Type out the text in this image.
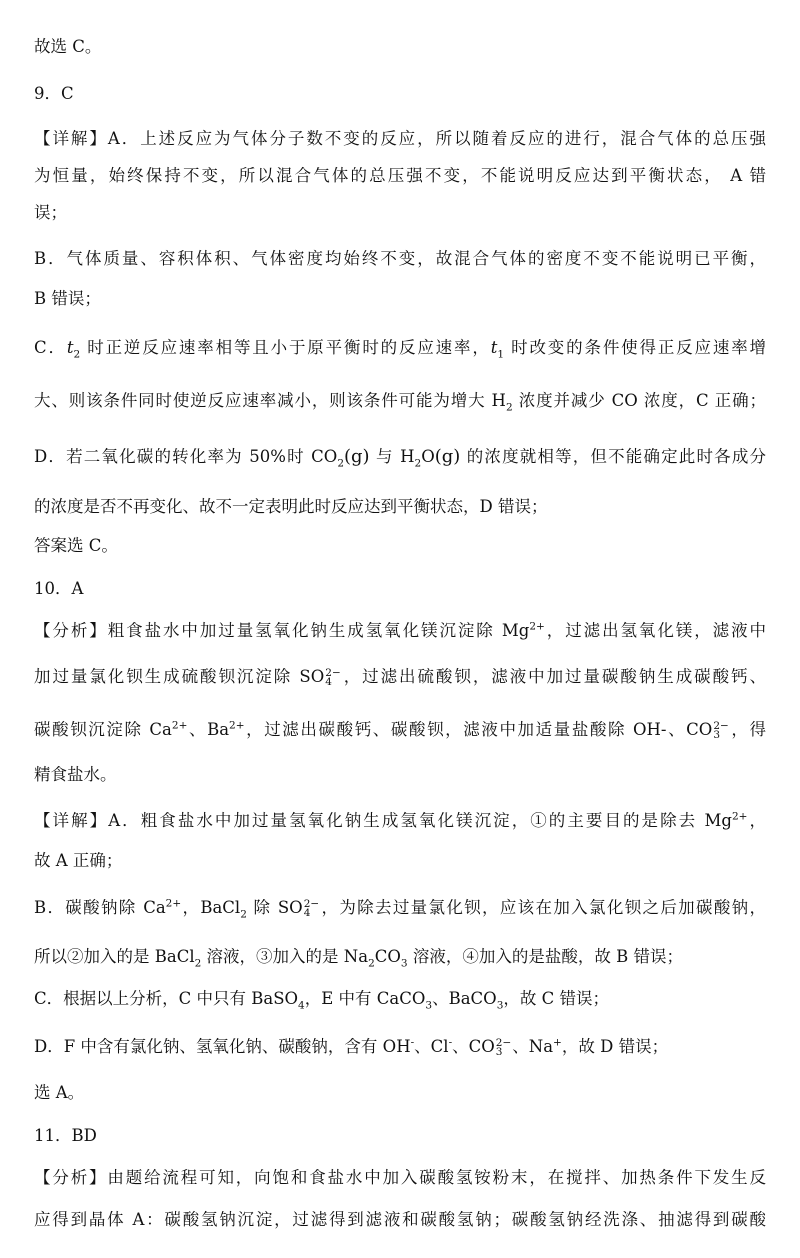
故选 C。
9．C
【详解】A．上述反应为气体分子数不变的反应，所以随着反应的进行，混合气体的总压强
为恒量，始终保持不变，所以混合气体的总压强不变，不能说明反应达到平衡状态， A 错
误；
B．气体质量、容积体积、气体密度均始终不变，故混合气体的密度不变不能说明已平衡，
B 错误；
C．$t_2$ 时正逆反应速率相等且小于原平衡时的反应速率，$t_1$ 时改变的条件使得正反应速率增
大、则该条件同时使逆反应速率减小，则该条件可能为增大 $H_2$ 浓度并减少 CO 浓度，C 正确；
D．若二氧化碳的转化率为 50%时 $CO_2(g)$ 与 $H_2O(g)$ 的浓度就相等，但不能确定此时各成分
的浓度是否不再变化、故不一定表明此时反应达到平衡状态，D 错误；
答案选 C。
10．A
【分析】粗食盐水中加过量氢氧化钠生成氢氧化镁沉淀除 $Mg^{2+}$，过滤出氢氧化镁，滤液中
加过量氯化钡生成硫酸钡沉淀除 SO 2−
4 ，过滤出硫酸钡，滤液中加过量碳酸钠生成碳酸钙、
碳酸钡沉淀除 $Ca^{2+}$、$Ba^{2+}$，过滤出碳酸钙、碳酸钡，滤液中加适量盐酸除 OH-、CO 2−
3 ，得
精食盐水。
【详解】A．粗食盐水中加过量氢氧化钠生成氢氧化镁沉淀，①的主要目的是除去 $Mg^{2+}$，
故 A 正确；
B．碳酸钠除 $Ca^{2+}$，BaCl$_2$ 除 SO 2−
4 ，为除去过量氯化钡，应该在加入氯化钡之后加碳酸钠，
所以②加入的是 BaCl$_2$ 溶液，③加入的是 $Na_2CO_3$ 溶液，④加入的是盐酸，故 B 错误；
C．根据以上分析，C 中只有 BaSO$_4$，E 中有 CaCO$_3$、BaCO$_3$，故 C 错误；
D．F 中含有氯化钠、氢氧化钠、碳酸钠，含有 OH-、Cl-、CO 2−
3 、Na+，故 D 错误；
选 A。
11．BD
【分析】由题给流程可知，向饱和食盐水中加入碳酸氢铵粉末，在搅拌、加热条件下发生反
应得到晶体 A：碳酸氢钠沉淀，过滤得到滤液和碳酸氢钠；碳酸氢钠经洗涤、抽滤得到碳酸
